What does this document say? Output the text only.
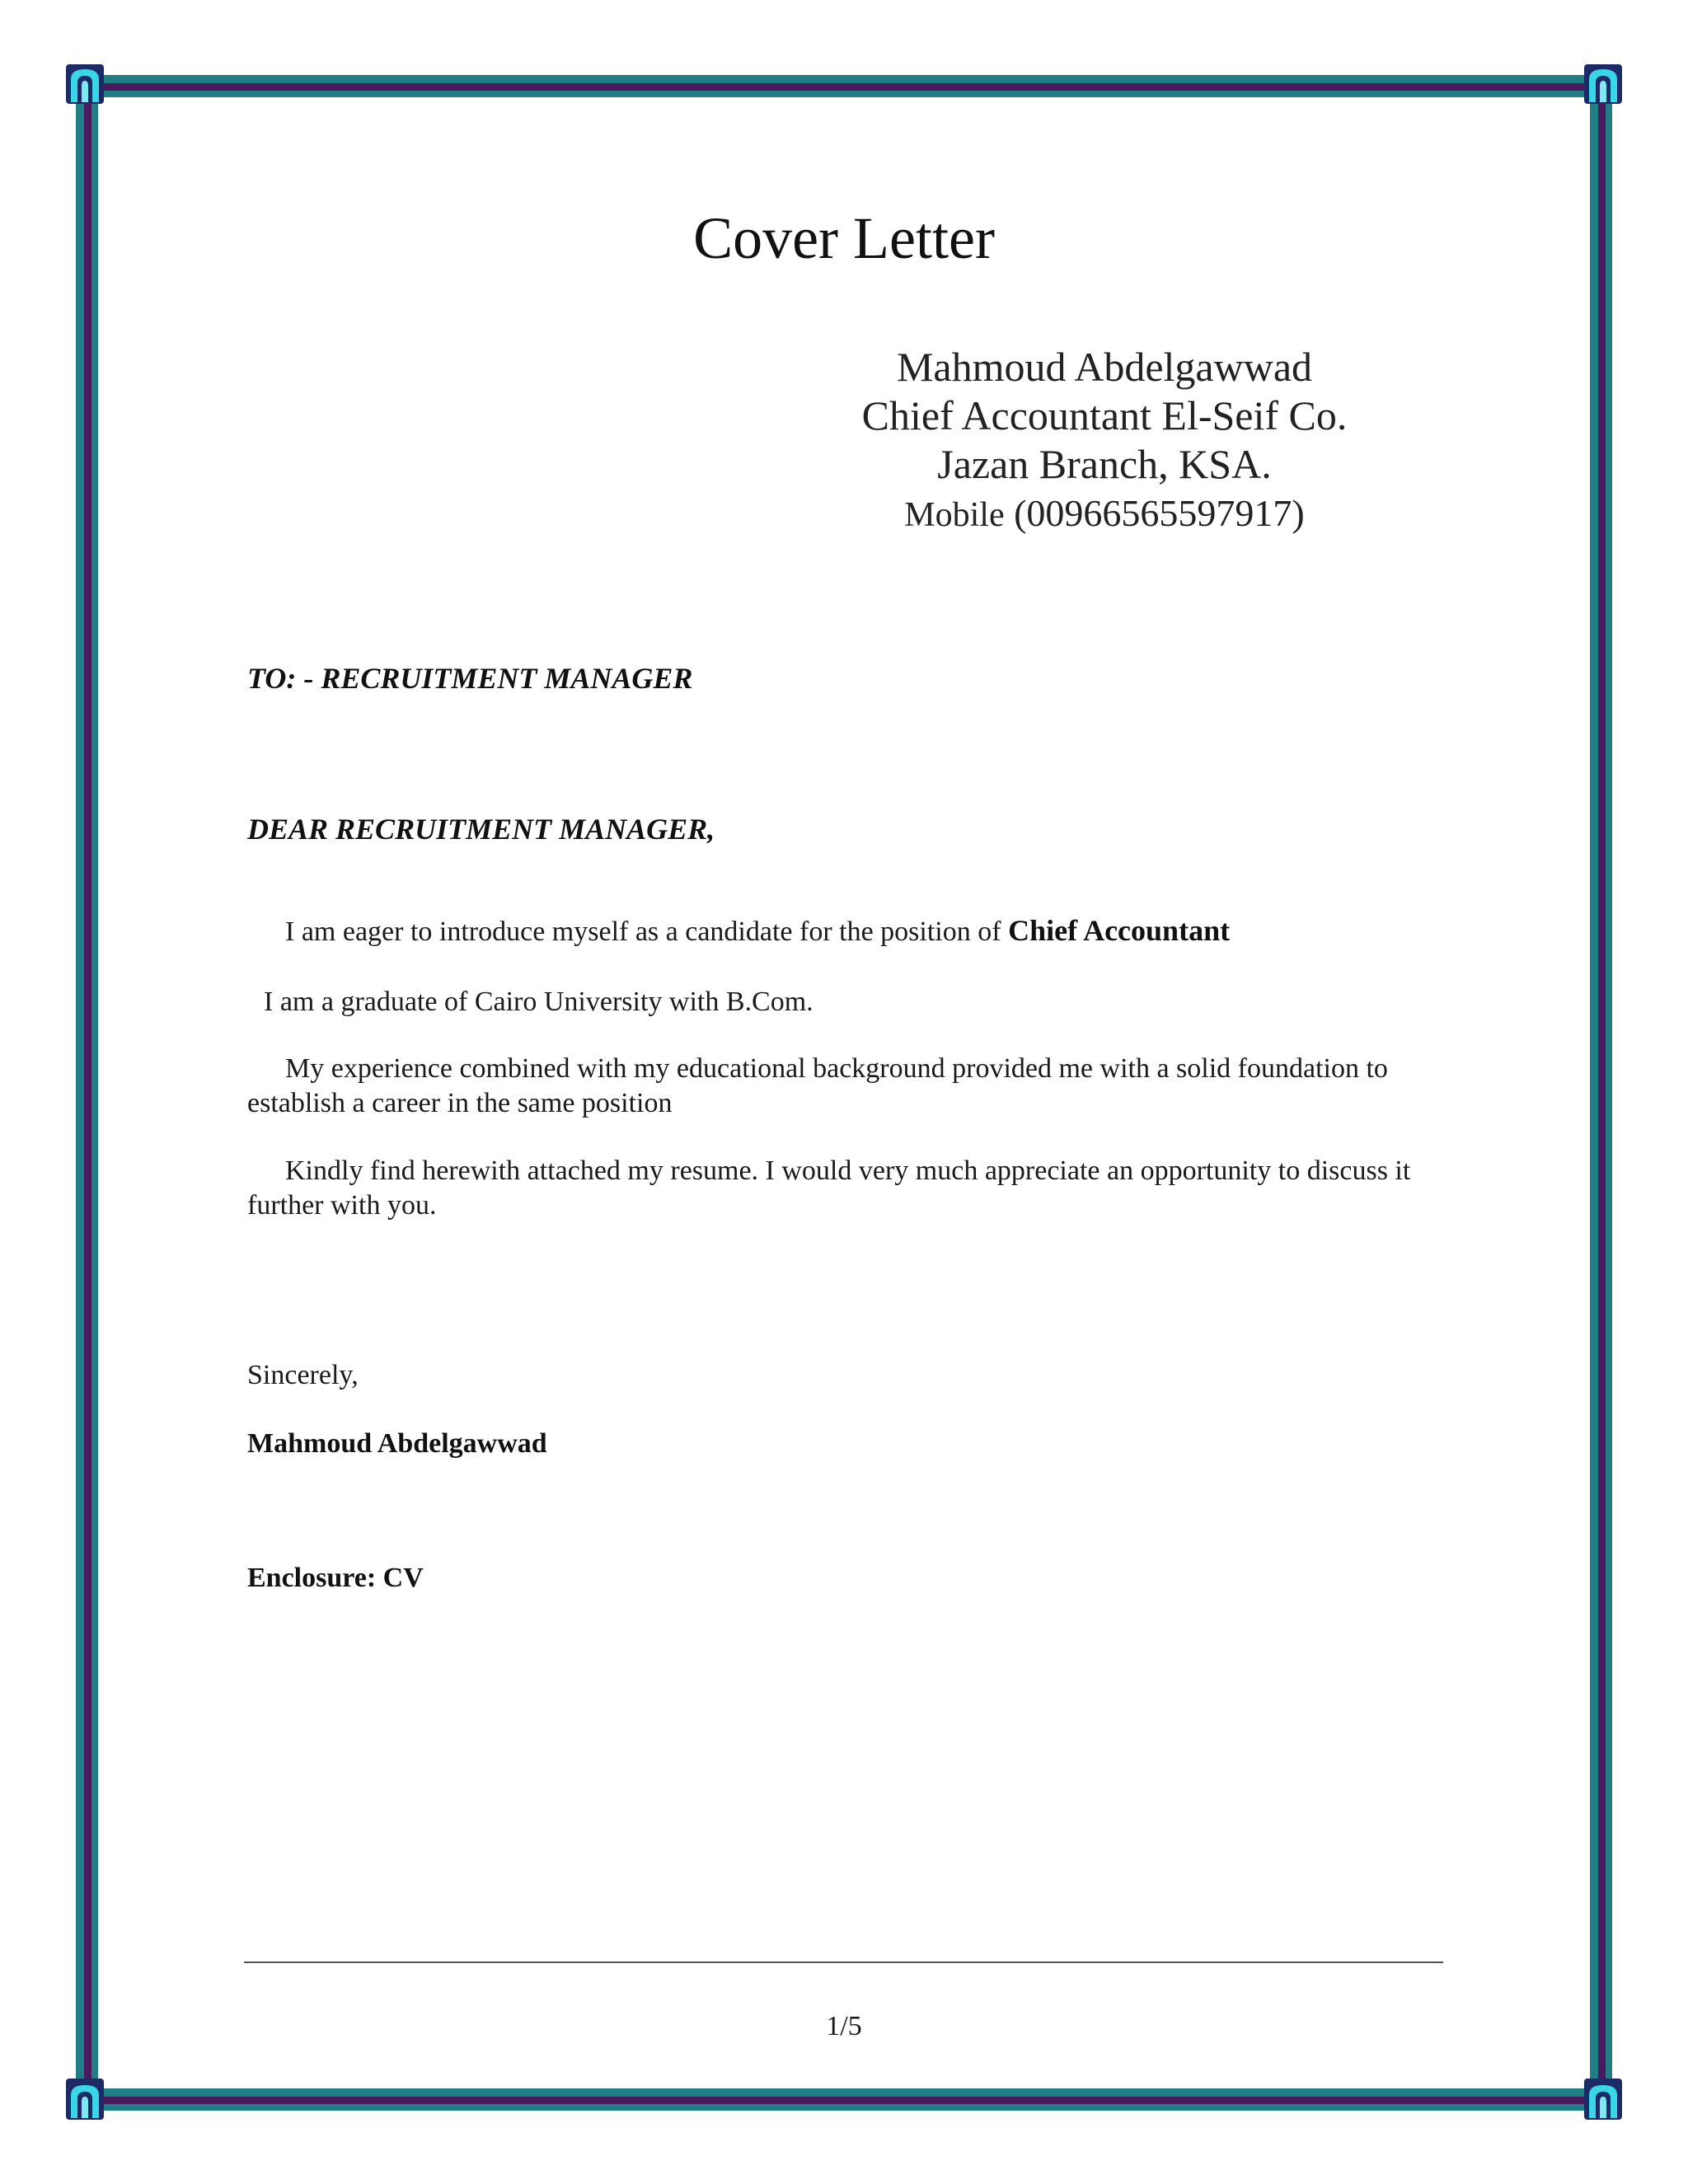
Cover Letter
Mahmoud Abdelgawwad
Chief Accountant El-Seif Co.
Jazan Branch, KSA.
Mobile (00966565597917)

TO: - RECRUITMENT MANAGER

DEAR RECRUITMENT MANAGER,

I am eager to introduce myself as a candidate for the position of Chief Accountant

I am a graduate of Cairo University with B.Com.

My experience combined with my educational background provided me with a solid foundation to establish a career in the same position

Kindly find herewith attached my resume. I would very much appreciate an opportunity to discuss it further with you.

Sincerely,

Mahmoud Abdelgawwad

Enclosure: CV

1/5
